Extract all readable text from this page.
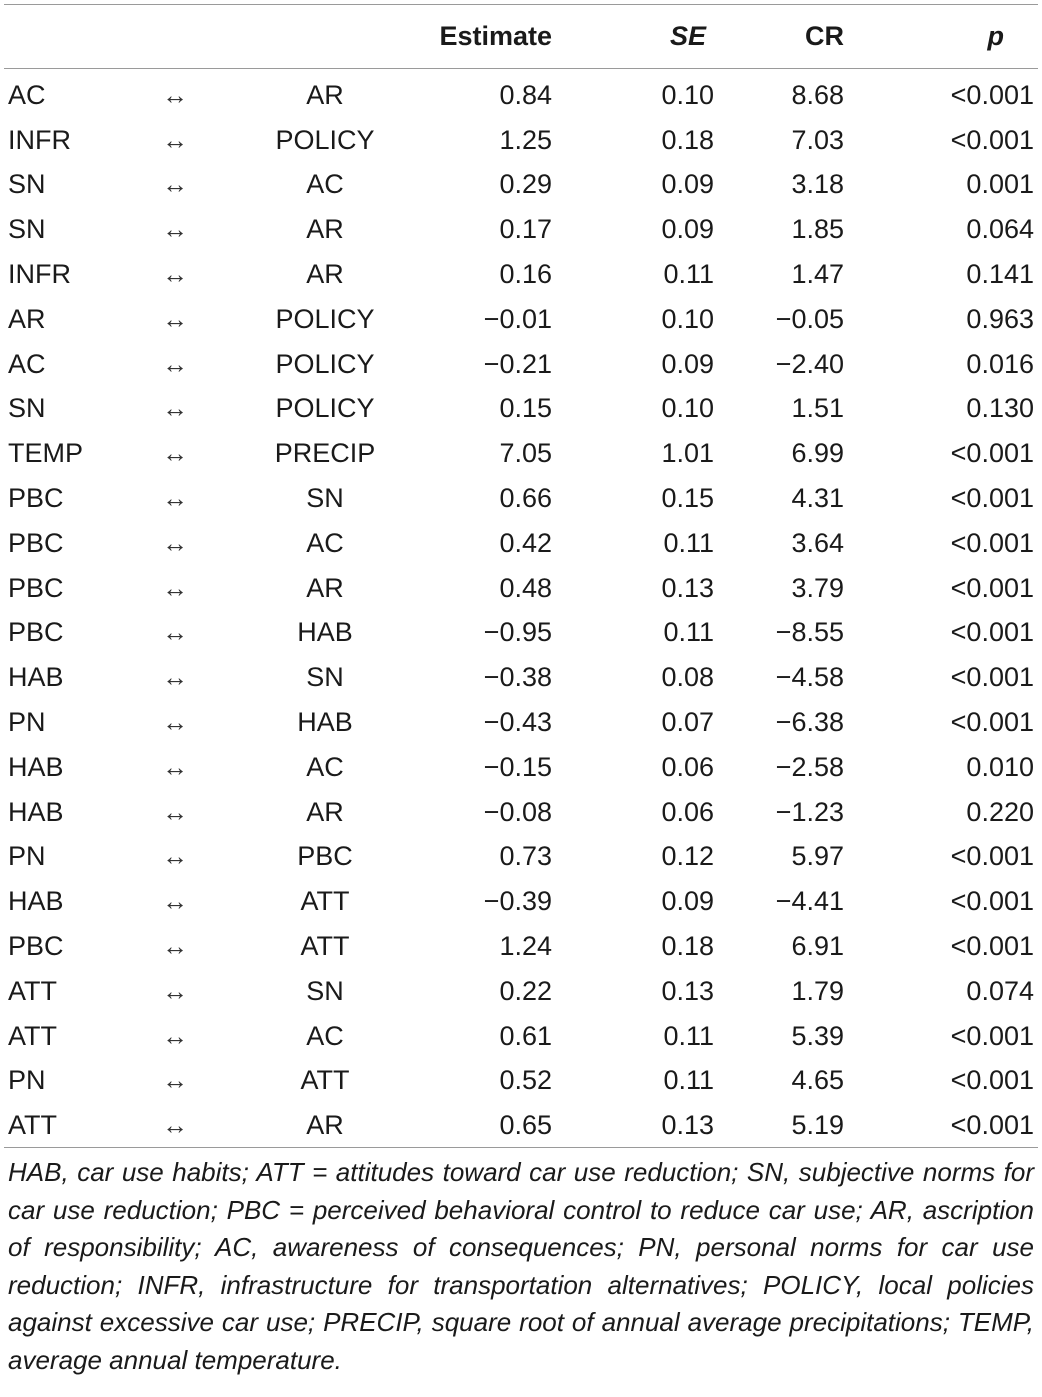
			Estimate	SE	CR	p

AC	↔	AR	0.84	0.10	8.68	<0.001
INFR	↔	POLICY	1.25	0.18	7.03	<0.001
SN	↔	AC	0.29	0.09	3.18	0.001
SN	↔	AR	0.17	0.09	1.85	0.064
INFR	↔	AR	0.16	0.11	1.47	0.141
AR	↔	POLICY	−0.01	0.10	−0.05	0.963
AC	↔	POLICY	−0.21	0.09	−2.40	0.016
SN	↔	POLICY	0.15	0.10	1.51	0.130
TEMP	↔	PRECIP	7.05	1.01	6.99	<0.001
PBC	↔	SN	0.66	0.15	4.31	<0.001
PBC	↔	AC	0.42	0.11	3.64	<0.001
PBC	↔	AR	0.48	0.13	3.79	<0.001
PBC	↔	HAB	−0.95	0.11	−8.55	<0.001
HAB	↔	SN	−0.38	0.08	−4.58	<0.001
PN	↔	HAB	−0.43	0.07	−6.38	<0.001
HAB	↔	AC	−0.15	0.06	−2.58	0.010
HAB	↔	AR	−0.08	0.06	−1.23	0.220
PN	↔	PBC	0.73	0.12	5.97	<0.001
HAB	↔	ATT	−0.39	0.09	−4.41	<0.001
PBC	↔	ATT	1.24	0.18	6.91	<0.001
ATT	↔	SN	0.22	0.13	1.79	0.074
ATT	↔	AC	0.61	0.11	5.39	<0.001
PN	↔	ATT	0.52	0.11	4.65	<0.001
ATT	↔	AR	0.65	0.13	5.19	<0.001
HAB, car use habits; ATT = attitudes toward car use reduction; SN, subjective norms for car use reduction; PBC = perceived behavioral control to reduce car use; AR, ascription of responsibility; AC, awareness of consequences; PN, personal norms for car use reduction; INFR, infrastructure for transportation alternatives; POLICY, local policies against excessive car use; PRECIP, square root of annual average precipitations; TEMP, average annual temperature.
